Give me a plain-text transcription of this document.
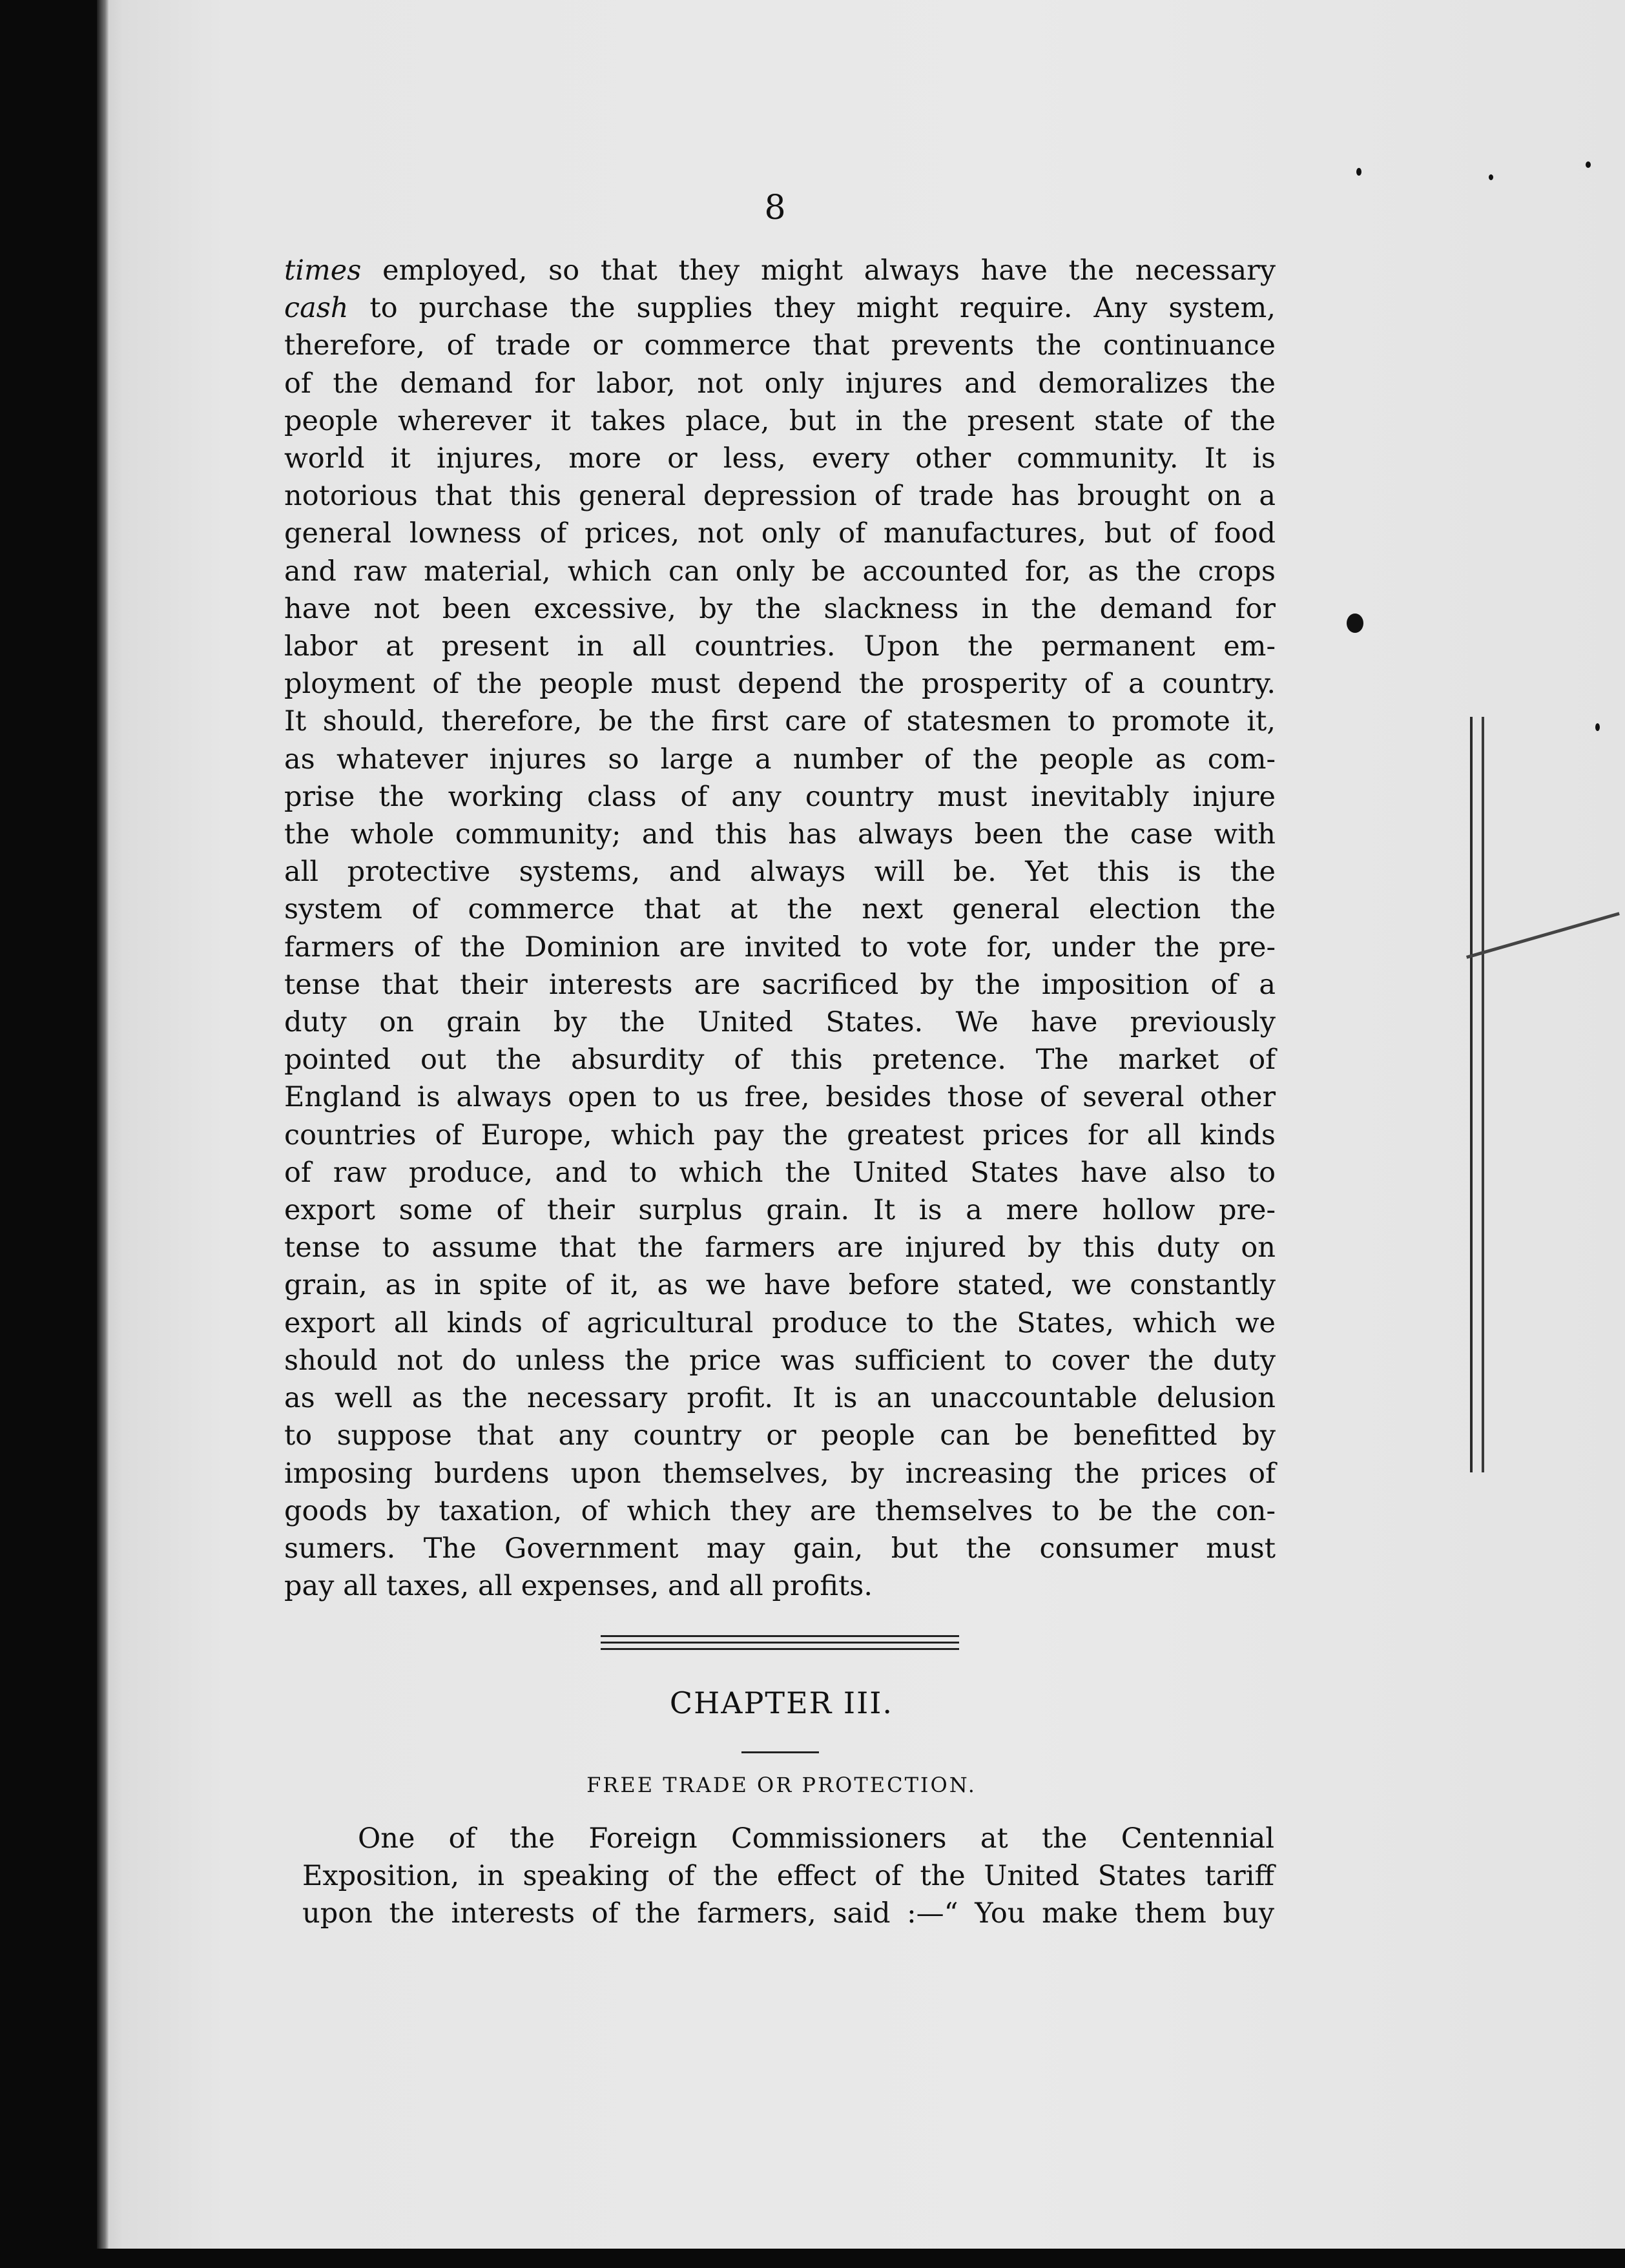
8
times employed, so that they might always have the necessary
cash to purchase the supplies they might require. Any system,
therefore, of trade or commerce that prevents the continuance
of the demand for labor, not only injures and demoralizes the
people wherever it takes place, but in the present state of the
world it injures, more or less, every other community. It is
notorious that this general depression of trade has brought on a
general lowness of prices, not only of manufactures, but of food
and raw material, which can only be accounted for, as the crops
have not been excessive, by the slackness in the demand for
labor at present in all countries. Upon the permanent em-
ployment of the people must depend the prosperity of a country.
It should, therefore, be the first care of statesmen to promote it,
as whatever injures so large a number of the people as com-
prise the working class of any country must inevitably injure
the whole community; and this has always been the case with
all protective systems, and always will be. Yet this is the
system of commerce that at the next general election the
farmers of the Dominion are invited to vote for, under the pre-
tense that their interests are sacrificed by the imposition of a
duty on grain by the United States. We have previously
pointed out the absurdity of this pretence. The market of
England is always open to us free, besides those of several other
countries of Europe, which pay the greatest prices for all kinds
of raw produce, and to which the United States have also to
export some of their surplus grain. It is a mere hollow pre-
tense to assume that the farmers are injured by this duty on
grain, as in spite of it, as we have before stated, we constantly
export all kinds of agricultural produce to the States, which we
should not do unless the price was sufficient to cover the duty
as well as the necessary profit. It is an unaccountable delusion
to suppose that any country or people can be benefitted by
imposing burdens upon themselves, by increasing the prices of
goods by taxation, of which they are themselves to be the con-
sumers. The Government may gain, but the consumer must
pay all taxes, all expenses, and all profits.
CHAPTER III.
FREE TRADE OR PROTECTION.
One of the Foreign Commissioners at the Centennial
Exposition, in speaking of the effect of the United States tariff
upon the interests of the farmers, said :—“ You make them buy
